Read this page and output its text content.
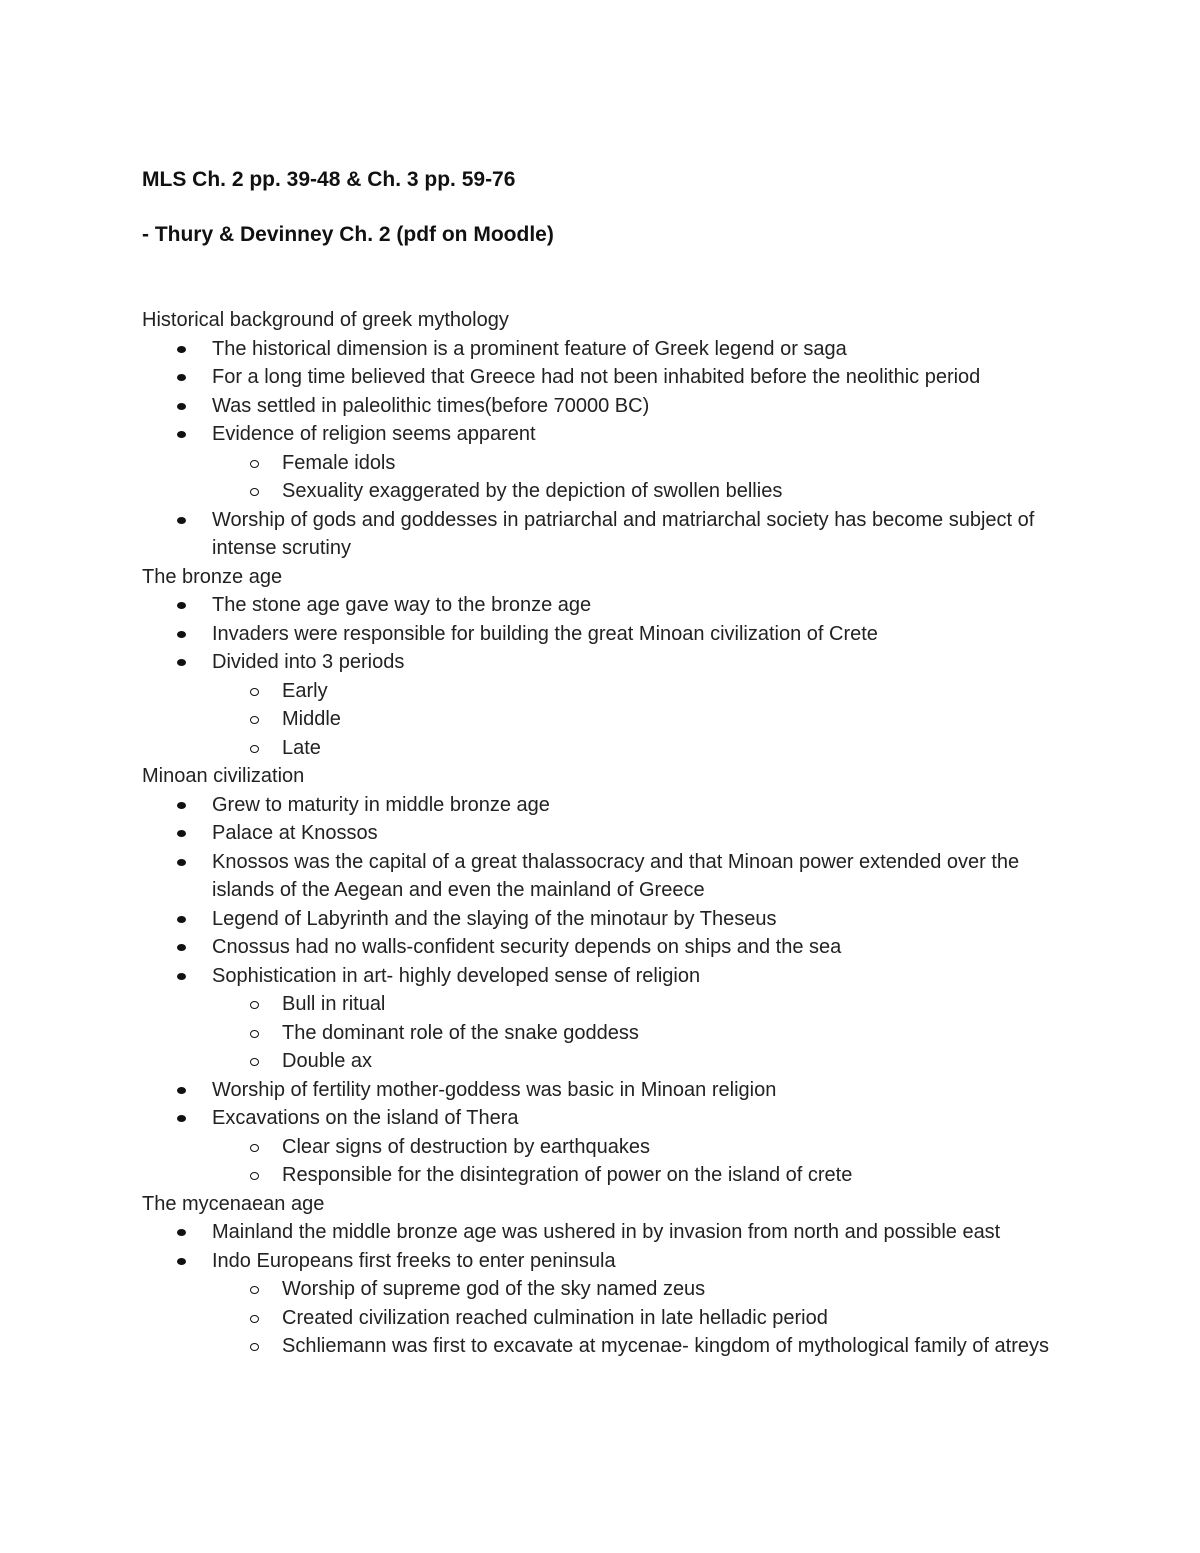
MLS Ch. 2 pp. 39-48 & Ch. 3 pp. 59-76

- Thury & Devinney Ch. 2 (pdf on Moodle)

Historical background of greek mythology

The historical dimension is a prominent feature of Greek legend or saga
For a long time believed that Greece had not been inhabited before the neolithic period
Was settled in paleolithic times(before 70000 BC)
Evidence of religion seems apparent
Female idols
Sexuality exaggerated by the depiction of swollen bellies
Worship of gods and goddesses in patriarchal and matriarchal society has become subject of intense scrutiny

The bronze age

The stone age gave way to the bronze age
Invaders were responsible for building the great Minoan civilization of Crete
Divided into 3 periods
Early
Middle
Late

Minoan civilization

Grew to maturity in middle bronze age
Palace at Knossos
Knossos was the capital of a great thalassocracy and that Minoan power extended over the islands of the Aegean and even the mainland of Greece
Legend of Labyrinth and the slaying of the minotaur by Theseus
Cnossus had no walls-confident security depends on ships and the sea
Sophistication in art- highly developed sense of religion
Bull in ritual
The dominant role of the snake goddess
Double ax
Worship of fertility mother-goddess was basic in Minoan religion
Excavations on the island of Thera
Clear signs of destruction by earthquakes
Responsible for the disintegration of power on the island of crete

The mycenaean age

Mainland the middle bronze age was ushered in by invasion from north and possible east
Indo Europeans first freeks to enter peninsula
Worship of supreme god of the sky named zeus
Created civilization reached culmination in late helladic period
Schliemann was first to excavate at mycenae- kingdom of mythological family of atreys
